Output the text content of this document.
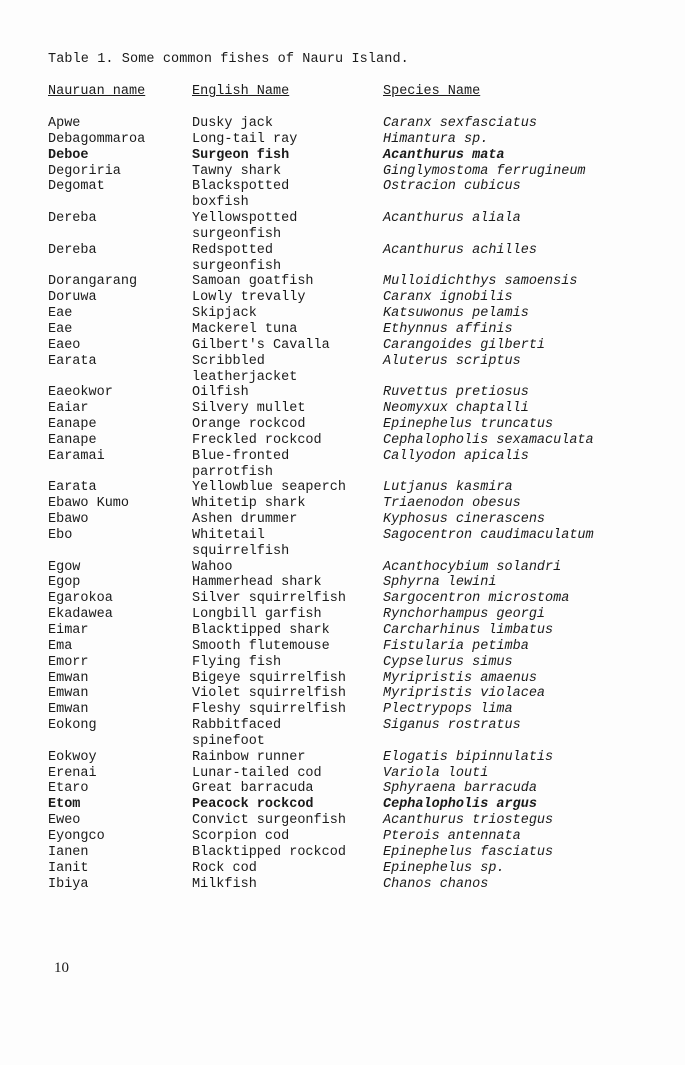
Table 1. Some common fishes of Nauru Island.
Nauruan name	English Name	Species Name
Apwe	Dusky jack	Caranx sexfasciatus
Debagommaroa	Long-tail ray	Himantura sp.
Deboe	Surgeon fish	Acanthurus mata
Degoriria	Tawny shark	Ginglymostoma ferrugineum
Degomat	Blackspotted	Ostracion cubicus
boxfish
Dereba	Yellowspotted	Acanthurus aliala
surgeonfish
Dereba	Redspotted	Acanthurus achilles
surgeonfish
Dorangarang	Samoan goatfish	Mulloidichthys samoensis
Doruwa	Lowly trevally	Caranx ignobilis
Eae	Skipjack	Katsuwonus pelamis
Eae	Mackerel tuna	Ethynnus affinis
Eaeo	Gilbert's Cavalla	Carangoides gilberti
Earata	Scribbled	Aluterus scriptus
leatherjacket
Eaeokwor	Oilfish	Ruvettus pretiosus
Eaiar	Silvery mullet	Neomyxux chaptalli
Eanape	Orange rockcod	Epinephelus truncatus
Eanape	Freckled rockcod	Cephalopholis sexamaculata
Earamai	Blue-fronted	Callyodon apicalis
parrotfish
Earata	Yellowblue seaperch	Lutjanus kasmira
Ebawo Kumo	Whitetip shark	Triaenodon obesus
Ebawo	Ashen drummer	Kyphosus cinerascens
Ebo	Whitetail	Sagocentron caudimaculatum
squirrelfish
Egow	Wahoo	Acanthocybium solandri
Egop	Hammerhead shark	Sphyrna lewini
Egarokoa	Silver squirrelfish	Sargocentron microstoma
Ekadawea	Longbill garfish	Rynchorhampus georgi
Eimar	Blacktipped shark	Carcharhinus limbatus
Ema	Smooth flutemouse	Fistularia petimba
Emorr	Flying fish	Cypselurus simus
Emwan	Bigeye squirrelfish	Myripristis amaenus
Emwan	Violet squirrelfish	Myripristis violacea
Emwan	Fleshy squirrelfish	Plectrypops lima
Eokong	Rabbitfaced	Siganus rostratus
spinefoot
Eokwoy	Rainbow runner	Elogatis bipinnulatis
Erenai	Lunar-tailed cod	Variola louti
Etaro	Great barracuda	Sphyraena barracuda
Etom	Peacock rockcod	Cephalopholis argus
Eweo	Convict surgeonfish	Acanthurus triostegus
Eyongco	Scorpion cod	Pterois antennata
Ianen	Blacktipped rockcod	Epinephelus fasciatus
Ianit	Rock cod	Epinephelus sp.
Ibiya	Milkfish	Chanos chanos
10
